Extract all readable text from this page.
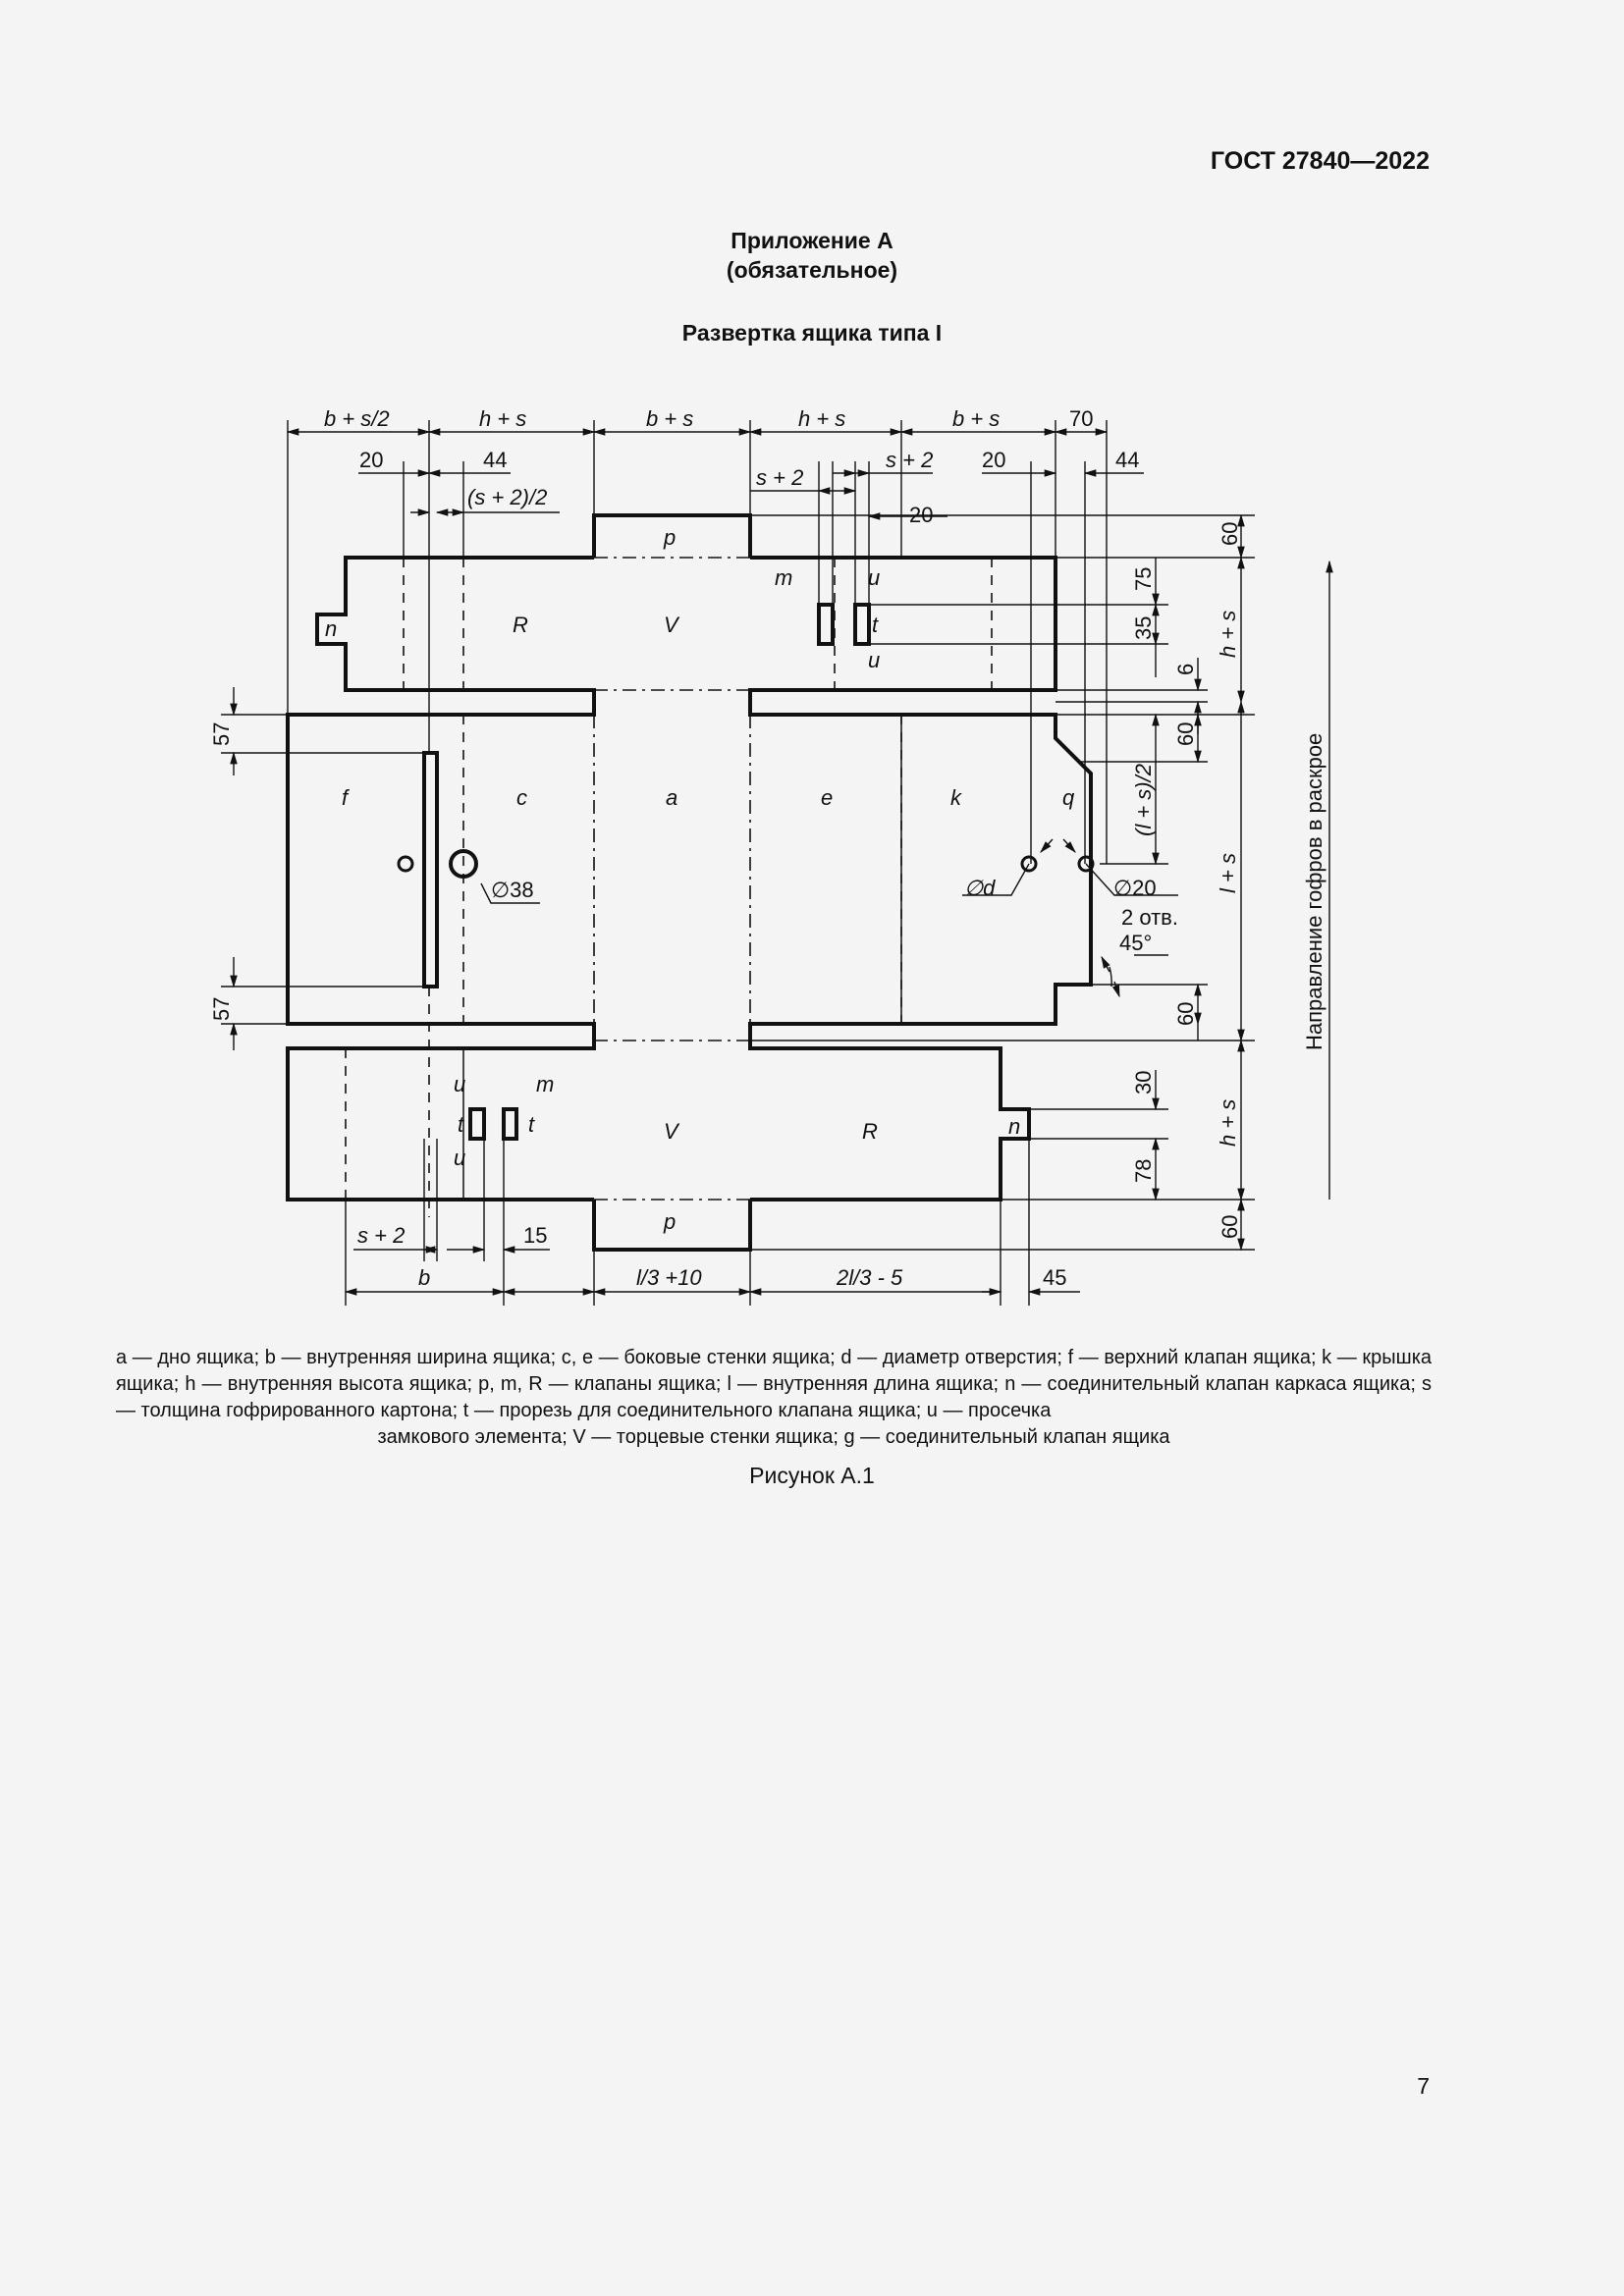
ГОСТ 27840—2022
Приложение А
(обязательное)
Развертка ящика типа I
p
R	V
n
m	u
t
u
f	c	a	e	k	q
u	m
t	t
u
V	R	n
p
b + s/2	h + s	b + s	h + s	b + s	70
20	44
(s + 2)/2
s + 2
s + 2 20	44
20
60
75
35
6
60
(l + s)/2
60
30
78
60
h + s
l + s
h + s
57
57
∅38	∅d	∅20
2 отв.
45°
s + 2	15
b	l/3 +10	2l/3 - 5	45
Направление гофров в раскрое
a — дно ящика; b — внутренняя ширина ящика; c, e — боковые стенки ящика; d — диаметр отверстия; f — верхний клапан ящика; k — крышка ящика; h — внутренняя высота ящика; p, m, R — клапаны ящика; l — внутренняя длина ящика; n — соединительный клапан каркаса ящика; s — толщина гофрированного картона; t — прорезь для соединительного клапана ящика; u — просечка
замкового элемента; V — торцевые стенки ящика; g — соединительный клапан ящика
Рисунок А.1
7
